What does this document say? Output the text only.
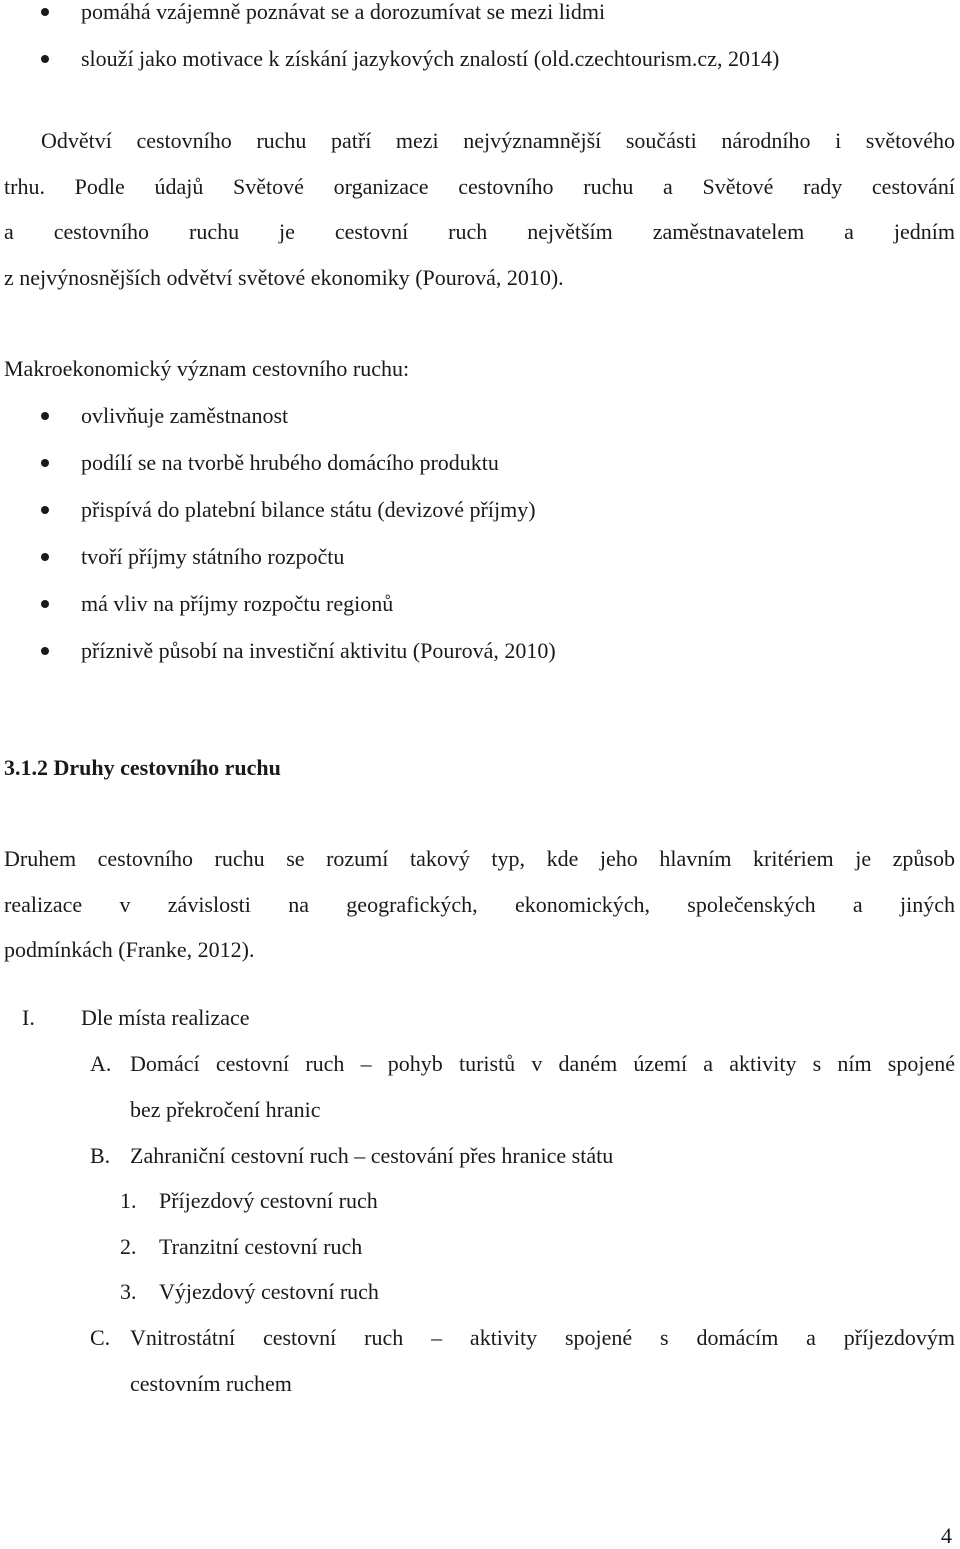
pomáhá vzájemně poznávat se a dorozumívat se mezi lidmi
slouží jako motivace k získání jazykových znalostí (old.czechtourism.cz, 2014)
Odvětví cestovního ruchu patří mezi nejvýznamnější součásti národního i světového
trhu. Podle údajů Světové organizace cestovního ruchu a Světové rady cestování
a cestovního ruchu je cestovní ruch největším zaměstnavatelem a jedním
z nejvýnosnějších odvětví světové ekonomiky (Pourová, 2010).

Makroekonomický význam cestovního ruchu:

ovlivňuje zaměstnanost
podílí se na tvorbě hrubého domácího produktu
přispívá do platební bilance státu (devizové příjmy)
tvoří příjmy státního rozpočtu
má vliv na příjmy rozpočtu regionů
příznivě působí na investiční aktivitu (Pourová, 2010)
3.1.2 Druhy cestovního ruchu
Druhem cestovního ruchu se rozumí takový typ, kde jeho hlavním kritériem je způsob
realizace v závislosti na geografických, ekonomických, společenských a jiných
podmínkách (Franke, 2012).
I. Dle místa realizace
A. Domácí cestovní ruch – pohyb turistů v daném území a aktivity s ním spojené
bez překročení hranic
B. Zahraniční cestovní ruch – cestování přes hranice státu
1. Příjezdový cestovní ruch
2. Tranzitní cestovní ruch
3. Výjezdový cestovní ruch
C. Vnitrostátní cestovní ruch – aktivity spojené s domácím a příjezdovým
cestovním ruchem
4
